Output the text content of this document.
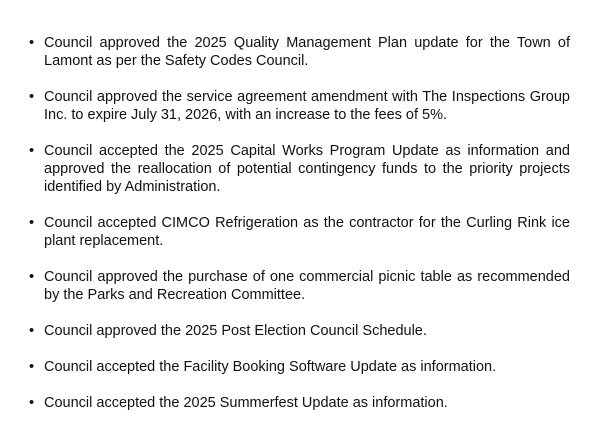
• Council approved the 2025 Quality Management Plan update for the Town of Lamont as per the Safety Codes Council.
• Council approved the service agreement amendment with The Inspections Group Inc. to expire July 31, 2026, with an increase to the fees of 5%.
• Council accepted the 2025 Capital Works Program Update as information and approved the reallocation of potential contingency funds to the priority projects identified by Administration.
• Council accepted CIMCO Refrigeration as the contractor for the Curling Rink ice plant replacement.
• Council approved the purchase of one commercial picnic table as recommended by the Parks and Recreation Committee.
• Council approved the 2025 Post Election Council Schedule.
• Council accepted the Facility Booking Software Update as information.
• Council accepted the 2025 Summerfest Update as information.
